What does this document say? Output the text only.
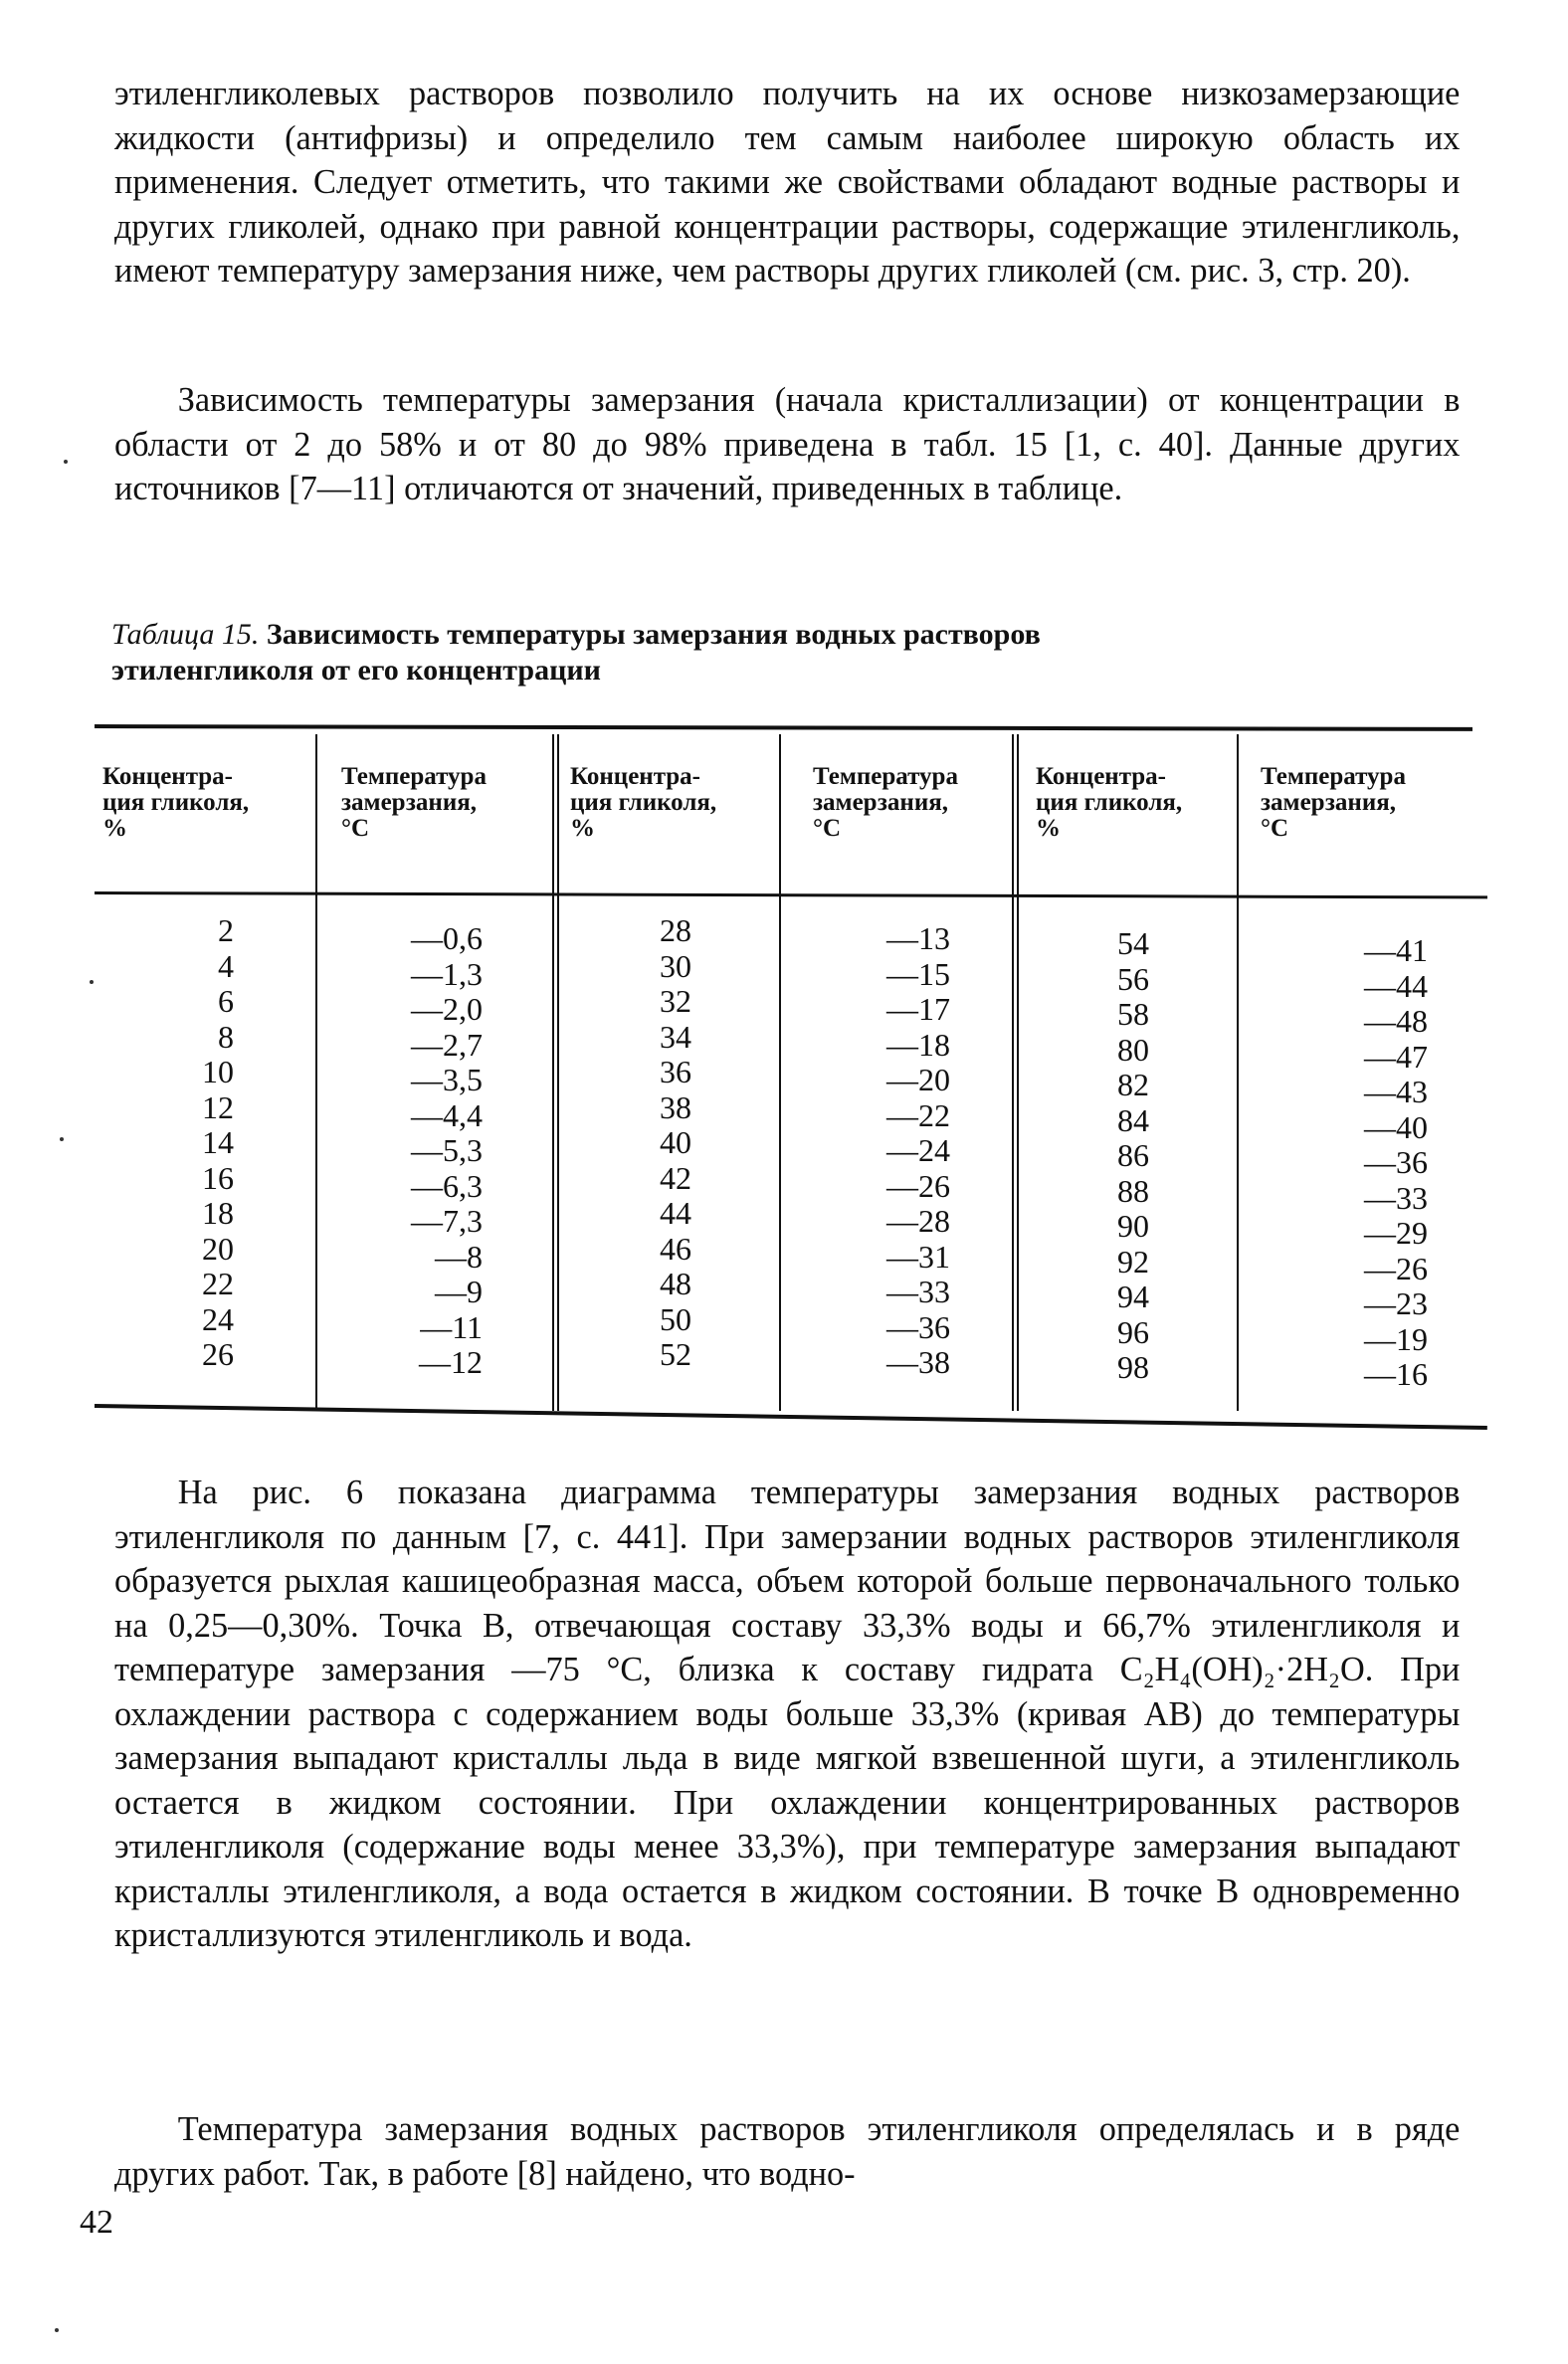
этиленгликолевых растворов позволило получить на их основе низкозамерзающие жидкости (антифризы) и определило тем самым наиболее широкую область их применения. Следует отметить, что такими же свойствами обладают водные растворы и других гликолей, однако при равной концентрации растворы, содержащие этиленгликоль, имеют температуру замерзания ниже, чем растворы других гликолей (см. рис. 3, стр. 20).

Зависимость температуры замерзания (начала кристаллизации) от концентрации в области от 2 до 58% и от 80 до 98% приведена в табл. 15 [1, с. 40]. Данные других источников [7—11] отличаются от значений, приведенных в таблице.

Таблица 15. Зависимость температуры замерзания водных растворов этиленгликоля от его концентрации
Концентра-
ция гликоля,
%
Температура
замерзания,
°С
Концентра-
ция гликоля,
%
Температура
замерзания,
°С
Концентра-
ция гликоля,
%
Температура
замерзания,
°С
2
4
6
8
10
12
14
16
18
20
22
24
26
—0,6
—1,3
—2,0
—2,7
—3,5
—4,4
—5,3
—6,3
—7,3
—8
—9
—11
—12
28
30
32
34
36
38
40
42
44
46
48
50
52
—13
—15
—17
—18
—20
—22
—24
—26
—28
—31
—33
—36
—38
54
56
58
80
82
84
86
88
90
92
94
96
98
—41
—44
—48
—47
—43
—40
—36
—33
—29
—26
—23
—19
—16

На рис. 6 показана диаграмма температуры замерзания водных растворов этиленгликоля по данным [7, с. 441]. При замерзании водных растворов этиленгликоля образуется рыхлая кашицеобразная масса, объем которой больше первоначального только на 0,25—0,30%. Точка B, отвечающая составу 33,3% воды и 66,7% этиленгликоля и температуре замерзания —75 °С, близка к составу гидрата C₂H₄(OH)₂·2H₂O. При охлаждении раствора с содержанием воды больше 33,3% (кривая AB) до температуры замерзания выпадают кристаллы льда в виде мягкой взвешенной шуги, а этиленгликоль остается в жидком состоянии. При охлаждении концентрированных растворов этиленгликоля (содержание воды менее 33,3%), при температуре замерзания выпадают кристаллы этиленгликоля, а вода остается в жидком состоянии. В точке B одновременно кристаллизуются этиленгликоль и вода.

Температура замерзания водных растворов этиленгликоля определялась и в ряде других работ. Так, в работе [8] найдено, что водно-

42
